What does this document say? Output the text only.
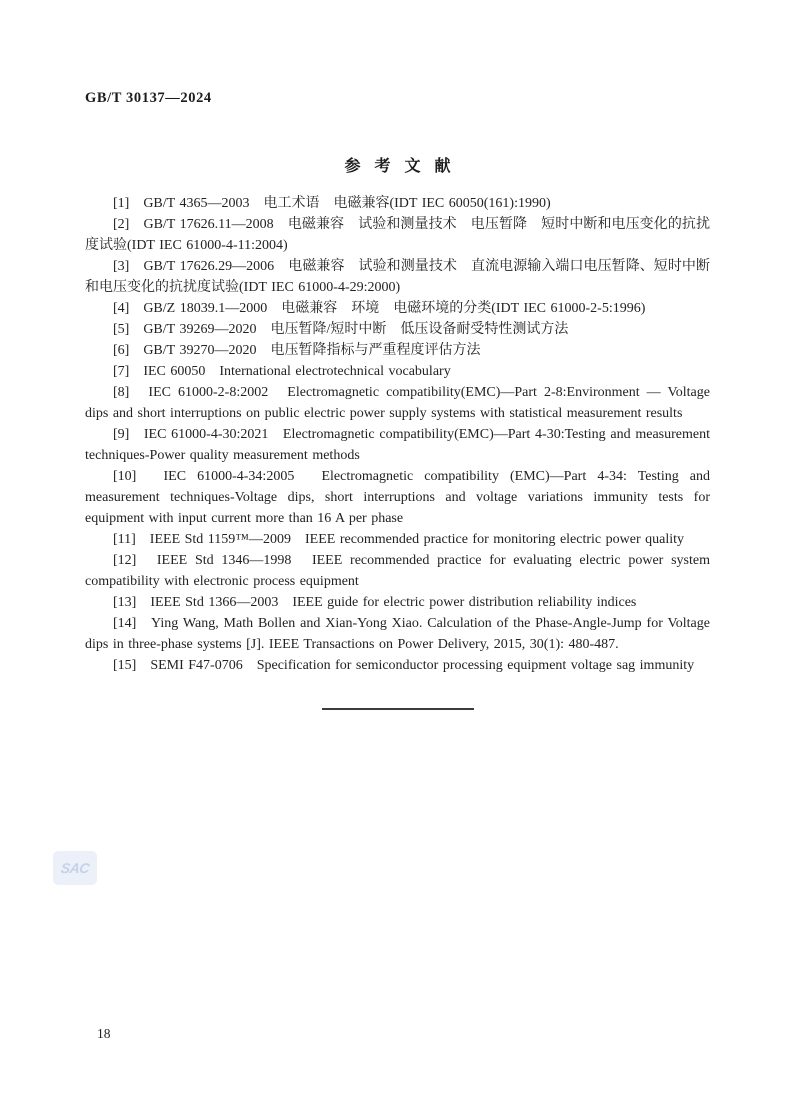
GB/T 30137—2024
参 考 文 献

[1]　GB/T 4365—2003　电工术语　电磁兼容(IDT IEC 60050(161):1990)

[2]　GB/T 17626.11—2008　电磁兼容　试验和测量技术　电压暂降　短时中断和电压变化的抗扰度试验(IDT IEC 61000-4-11:2004)

[3]　GB/T 17626.29—2006　电磁兼容　试验和测量技术　直流电源输入端口电压暂降、短时中断和电压变化的抗扰度试验(IDT IEC 61000-4-29:2000)

[4]　GB/Z 18039.1—2000　电磁兼容　环境　电磁环境的分类(IDT IEC 61000-2-5:1996)

[5]　GB/T 39269—2020　电压暂降/短时中断　低压设备耐受特性测试方法

[6]　GB/T 39270—2020　电压暂降指标与严重程度评估方法

[7]　IEC 60050　International electrotechnical vocabulary

[8]　IEC 61000-2-8:2002　Electromagnetic compatibility(EMC)—Part 2-8:Environment — Voltage dips and short interruptions on public electric power supply systems with statistical measurement results

[9]　IEC 61000-4-30:2021　Electromagnetic compatibility(EMC)—Part 4-30:Testing and measurement techniques-Power quality measurement methods

[10]　IEC 61000-4-34:2005　Electromagnetic compatibility (EMC)—Part 4-34: Testing and measurement techniques-Voltage dips, short interruptions and voltage variations immunity tests for equipment with input current more than 16 A per phase

[11]　IEEE Std 1159™—2009　IEEE recommended practice for monitoring electric power quality

[12]　IEEE Std 1346—1998　IEEE recommended practice for evaluating electric power system compatibility with electronic process equipment

[13]　IEEE Std 1366—2003　IEEE guide for electric power distribution reliability indices

[14]　Ying Wang, Math Bollen and Xian-Yong Xiao. Calculation of the Phase-Angle-Jump for Voltage dips in three-phase systems [J]. IEEE Transactions on Power Delivery, 2015, 30(1): 480-487.

[15]　SEMI F47-0706　Specification for semiconductor processing equipment voltage sag immunity

SAC
18
